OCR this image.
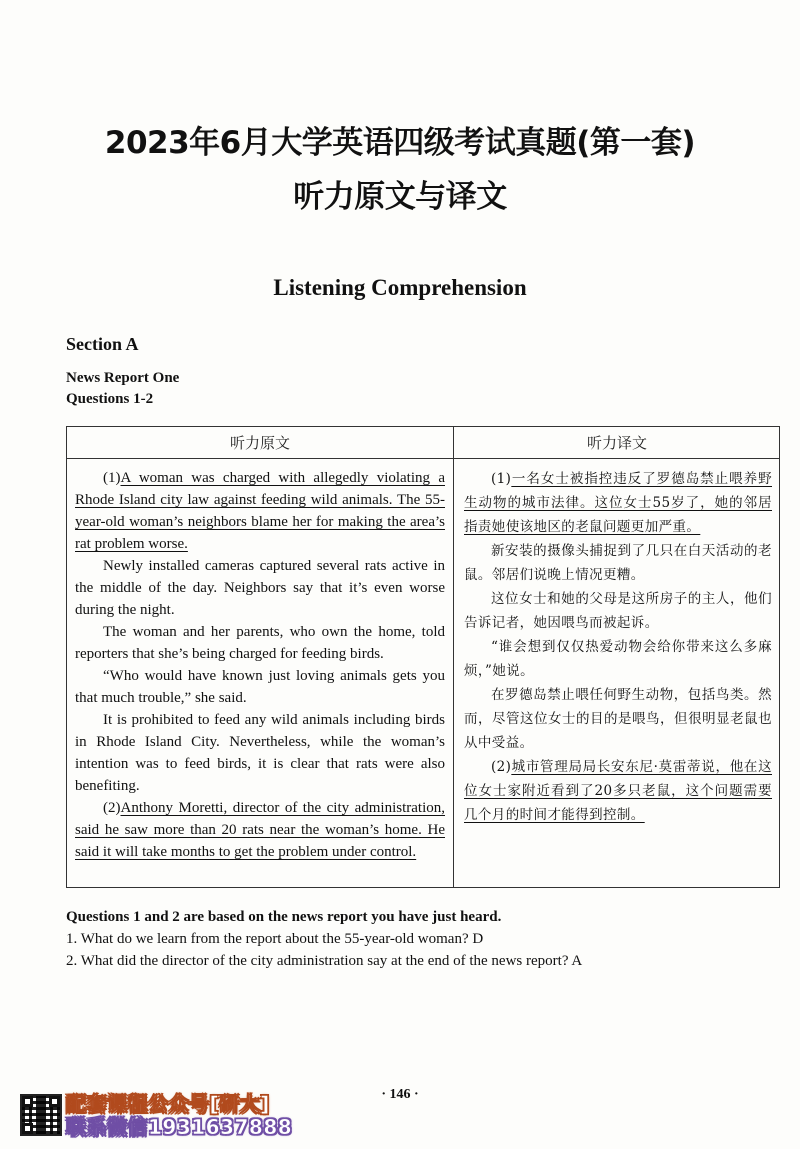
2023年6月大学英语四级考试真题(第一套)
听力原文与译文
Listening Comprehension
Section A
News Report One
Questions 1-2
听力原文	听力译文

(1)A woman was charged with allegedly violating a Rhode Island city law against feeding wild animals. The 55-year-old woman’s neighbors blame her for making the area’s rat problem worse.

Newly installed cameras captured several rats active in the middle of the day. Neighbors say that it’s even worse during the night.

The woman and her parents, who own the home, told reporters that she’s being charged for feeding birds.

“Who would have known just loving animals gets you that much trouble,” she said.

It is prohibited to feed any wild animals including birds in Rhode Island City. Nevertheless, while the woman’s intention was to feed birds, it is clear that rats were also benefiting.

(2)Anthony Moretti, director of the city administration, said he saw more than 20 rats near the woman’s home. He said it will take months to get the problem under control.

(1)一名女士被指控违反了罗德岛禁止喂养野生动物的城市法律。这位女士55岁了，她的邻居指责她使该地区的老鼠问题更加严重。

新安装的摄像头捕捉到了几只在白天活动的老鼠。邻居们说晚上情况更糟。

这位女士和她的父母是这所房子的主人，他们告诉记者，她因喂鸟而被起诉。

“谁会想到仅仅热爱动物会给你带来这么多麻烦，”她说。

在罗德岛禁止喂任何野生动物，包括鸟类。然而，尽管这位女士的目的是喂鸟，但很明显老鼠也从中受益。

(2)城市管理局局长安东尼·莫雷蒂说，他在这位女士家附近看到了20多只老鼠，这个问题需要几个月的时间才能得到控制。

Questions 1 and 2 are based on the news report you have just heard.
1. What do we learn from the report about the 55-year-old woman? D
2. What did the director of the city administration say at the end of the news report? A
· 146 ·
配套课程公众号[研大]
联系微信1931637888
